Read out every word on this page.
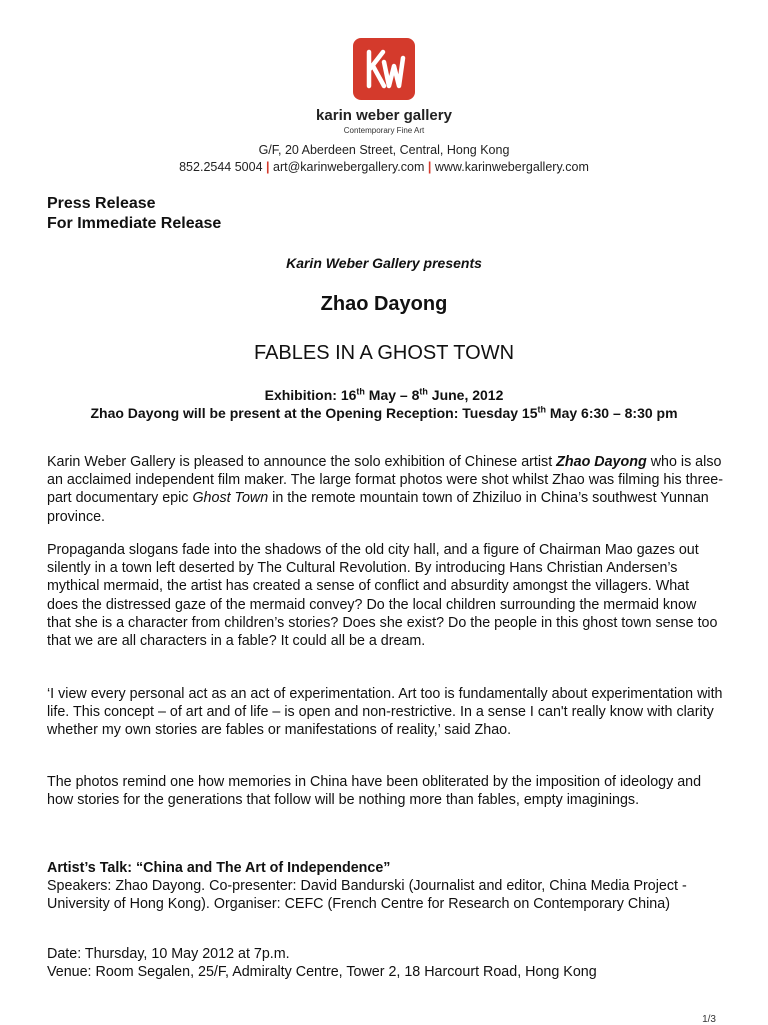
karin weber gallery
Contemporary Fine Art
G/F, 20 Aberdeen Street, Central, Hong Kong
852.2544 5004 | art@karinwebergallery.com | www.karinwebergallery.com
Press Release
For Immediate Release
Karin Weber Gallery presents
Zhao Dayong
FABLES IN A GHOST TOWN
Exhibition: 16th May – 8th June, 2012
Zhao Dayong will be present at the Opening Reception: Tuesday 15th May 6:30 – 8:30 pm

Karin Weber Gallery is pleased to announce the solo exhibition of Chinese artist Zhao Dayong who is also an acclaimed independent film maker. The large format photos were shot whilst Zhao was filming his three-part documentary epic Ghost Town in the remote mountain town of Zhiziluo in China’s southwest Yunnan province.

Propaganda slogans fade into the shadows of the old city hall, and a figure of Chairman Mao gazes out silently in a town left deserted by The Cultural Revolution. By introducing Hans Christian Andersen’s mythical mermaid, the artist has created a sense of conflict and absurdity amongst the villagers. What does the distressed gaze of the mermaid convey? Do the local children surrounding the mermaid know that she is a character from children’s stories? Does she exist? Do the people in this ghost town sense too that we are all characters in a fable? It could all be a dream.

‘I view every personal act as an act of experimentation. Art too is fundamentally about experimentation with life. This concept – of art and of life – is open and non-restrictive. In a sense I can't really know with clarity whether my own stories are fables or manifestations of reality,’ said Zhao.

The photos remind one how memories in China have been obliterated by the imposition of ideology and how stories for the generations that follow will be nothing more than fables, empty imaginings.

Artist’s Talk: “China and The Art of Independence”
Speakers: Zhao Dayong. Co-presenter: David Bandurski (Journalist and editor, China Media Project - University of Hong Kong). Organiser: CEFC (French Centre for Research on Contemporary China)
Date: Thursday, 10 May 2012 at 7p.m.
Venue: Room Segalen, 25/F, Admiralty Centre, Tower 2, 18 Harcourt Road, Hong Kong
1/3
